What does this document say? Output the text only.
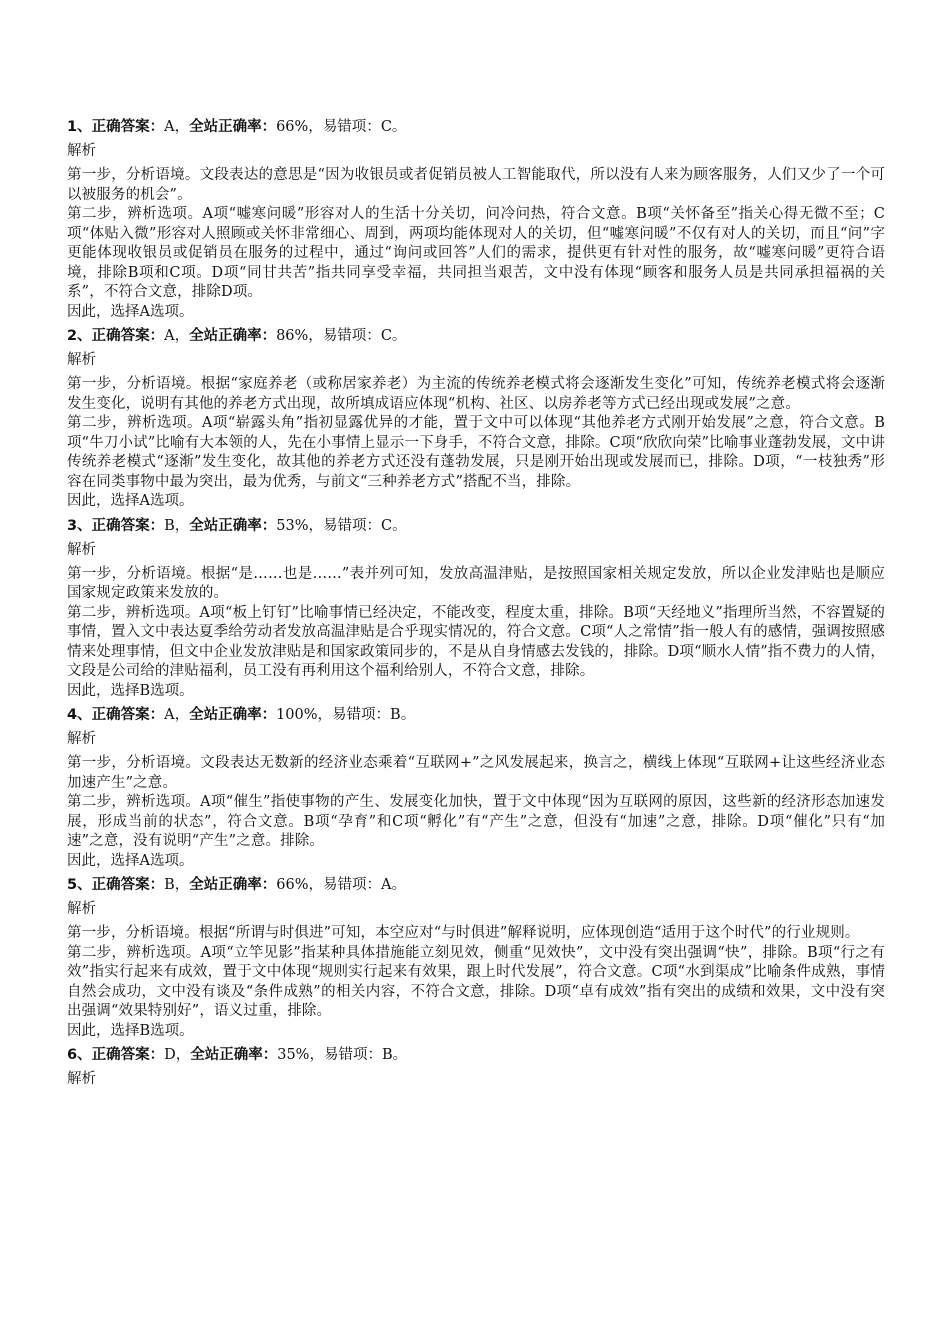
1、正确答案：A，全站正确率：66%，易错项：C。
解析

第一步，分析语境。文段表达的意思是“因为收银员或者促销员被人工智能取代，所以没有人来为顾客服务，人们又少了一个可以被服务的机会”。

第二步，辨析选项。A项“嘘寒问暖”形容对人的生活十分关切，问冷问热，符合文意。B项“关怀备至”指关心得无微不至；C项“体贴入微”形容对人照顾或关怀非常细心、周到，两项均能体现对人的关切，但“嘘寒问暖”不仅有对人的关切，而且“问”字更能体现收银员或促销员在服务的过程中，通过“询问或回答”人们的需求，提供更有针对性的服务，故“嘘寒问暖”更符合语境，排除B项和C项。D项“同甘共苦”指共同享受幸福，共同担当艰苦，文中没有体现“顾客和服务人员是共同承担福祸的关系”，不符合文意，排除D项。

因此，选择A选项。

2、正确答案：A，全站正确率：86%，易错项：C。
解析

第一步，分析语境。根据“家庭养老（或称居家养老）为主流的传统养老模式将会逐渐发生变化”可知，传统养老模式将会逐渐发生变化，说明有其他的养老方式出现，故所填成语应体现“机构、社区、以房养老等方式已经出现或发展”之意。

第二步，辨析选项。A项“崭露头角”指初显露优异的才能，置于文中可以体现“其他养老方式刚开始发展”之意，符合文意。B项“牛刀小试”比喻有大本领的人，先在小事情上显示一下身手，不符合文意，排除。C项“欣欣向荣”比喻事业蓬勃发展，文中讲传统养老模式“逐渐”发生变化，故其他的养老方式还没有蓬勃发展，只是刚开始出现或发展而已，排除。D项，“一枝独秀”形容在同类事物中最为突出，最为优秀，与前文“三种养老方式”搭配不当，排除。

因此，选择A选项。

3、正确答案：B，全站正确率：53%，易错项：C。
解析

第一步，分析语境。根据“是……也是……”表并列可知，发放高温津贴，是按照国家相关规定发放，所以企业发津贴也是顺应国家规定政策来发放的。

第二步，辨析选项。A项“板上钉钉”比喻事情已经决定，不能改变，程度太重，排除。B项“天经地义”指理所当然，不容置疑的事情，置入文中表达夏季给劳动者发放高温津贴是合乎现实情况的，符合文意。C项“人之常情”指一般人有的感情，强调按照感情来处理事情，但文中企业发放津贴是和国家政策同步的，不是从自身情感去发钱的，排除。D项“顺水人情”指不费力的人情，文段是公司给的津贴福利，员工没有再利用这个福利给别人，不符合文意，排除。

因此，选择B选项。

4、正确答案：A，全站正确率：100%，易错项：B。
解析

第一步，分析语境。文段表达无数新的经济业态乘着“互联网+”之风发展起来，换言之，横线上体现“互联网+让这些经济业态加速产生”之意。

第二步，辨析选项。A项“催生”指使事物的产生、发展变化加快，置于文中体现“因为互联网的原因，这些新的经济形态加速发展，形成当前的状态”，符合文意。B项“孕育”和C项“孵化”有“产生”之意，但没有“加速”之意，排除。D项“催化”只有“加速”之意，没有说明“产生”之意。排除。

因此，选择A选项。

5、正确答案：B，全站正确率：66%，易错项：A。
解析

第一步，分析语境。根据“所谓与时俱进”可知，本空应对“与时俱进”解释说明，应体现创造“适用于这个时代”的行业规则。

第二步，辨析选项。A项“立竿见影”指某种具体措施能立刻见效，侧重“见效快”，文中没有突出强调“快”，排除。B项“行之有效”指实行起来有成效，置于文中体现“规则实行起来有效果，跟上时代发展”，符合文意。C项“水到渠成”比喻条件成熟，事情自然会成功，文中没有谈及“条件成熟”的相关内容，不符合文意，排除。D项“卓有成效”指有突出的成绩和效果，文中没有突出强调“效果特别好”，语义过重，排除。

因此，选择B选项。

6、正确答案：D，全站正确率：35%，易错项：B。
解析
